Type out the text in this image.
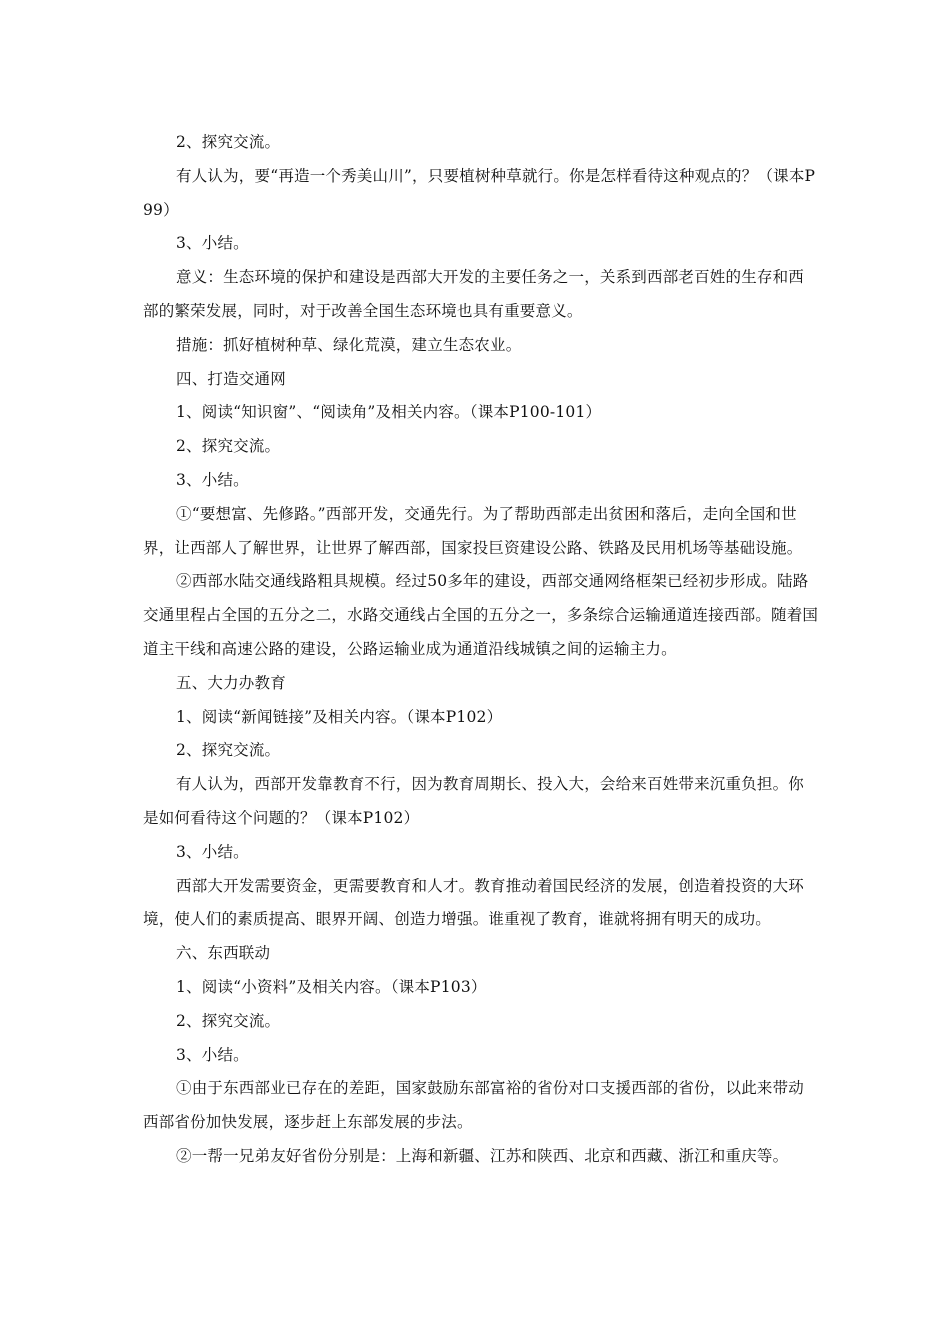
2、探究交流。

有人认为，要“再造一个秀美山川”，只要植树种草就行。你是怎样看待这种观点的？（课本P99）

3、小结。

意义：生态环境的保护和建设是西部大开发的主要任务之一，关系到西部老百姓的生存和西部的繁荣发展，同时，对于改善全国生态环境也具有重要意义。

措施：抓好植树种草、绿化荒漠，建立生态农业。

四、打造交通网

1、阅读“知识窗”、“阅读角”及相关内容。（课本P100-101）

2、探究交流。

3、小结。

①“要想富、先修路。”西部开发，交通先行。为了帮助西部走出贫困和落后，走向全国和世界，让西部人了解世界，让世界了解西部，国家投巨资建设公路、铁路及民用机场等基础设施。

②西部水陆交通线路粗具规模。经过50多年的建设，西部交通网络框架已经初步形成。陆路交通里程占全国的五分之二，水路交通线占全国的五分之一，多条综合运输通道连接西部。随着国道主干线和高速公路的建设，公路运输业成为通道沿线城镇之间的运输主力。

五、大力办教育

1、阅读“新闻链接”及相关内容。（课本P102）

2、探究交流。

有人认为，西部开发靠教育不行，因为教育周期长、投入大，会给来百姓带来沉重负担。你是如何看待这个问题的？（课本P102）

3、小结。

西部大开发需要资金，更需要教育和人才。教育推动着国民经济的发展，创造着投资的大环境，使人们的素质提高、眼界开阔、创造力增强。谁重视了教育，谁就将拥有明天的成功。

六、东西联动

1、阅读“小资料”及相关内容。（课本P103）

2、探究交流。

3、小结。

①由于东西部业已存在的差距，国家鼓励东部富裕的省份对口支援西部的省份，以此来带动西部省份加快发展，逐步赶上东部发展的步法。

②一帮一兄弟友好省份分别是：上海和新疆、江苏和陕西、北京和西藏、浙江和重庆等。
